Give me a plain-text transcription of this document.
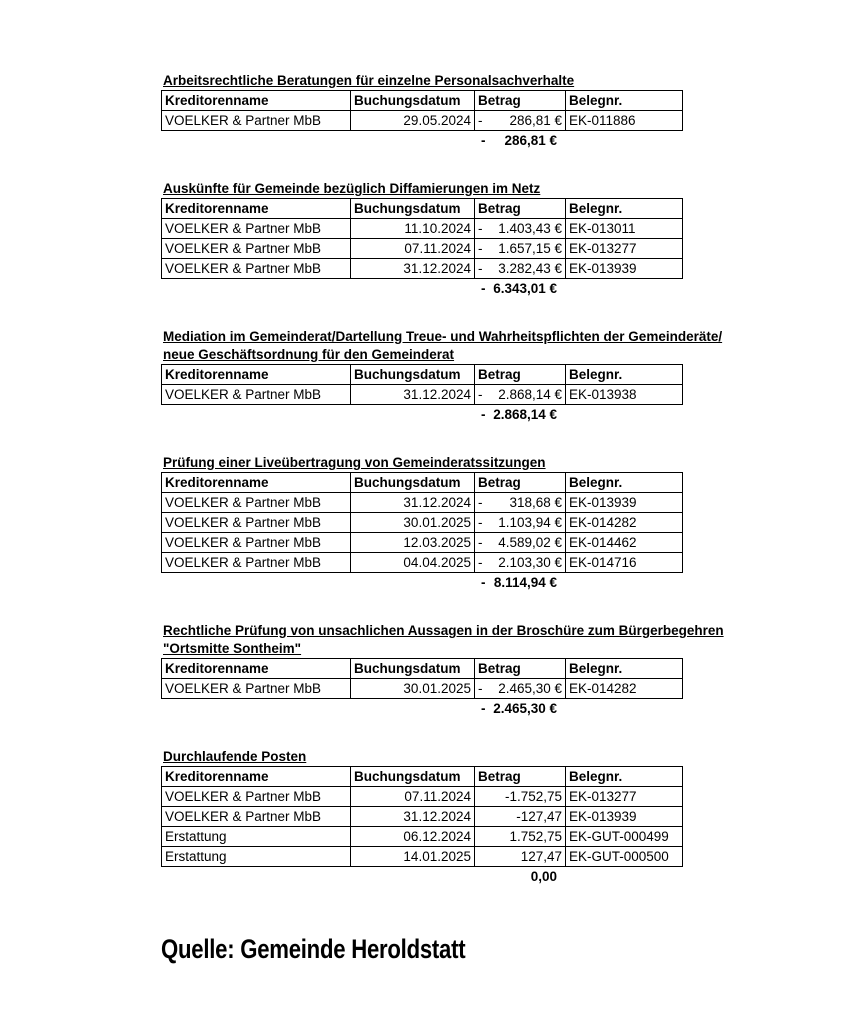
Arbeitsrechtliche Beratungen für einzelne Personalsachverhalte
Kreditorenname	Buchungsdatum	Betrag	Belegnr.
VOELKER & Partner MbB	29.05.2024	- 286,81 €	EK-011886
- 286,81 €
Auskünfte für Gemeinde bezüglich Diffamierungen im Netz
Kreditorenname	Buchungsdatum	Betrag	Belegnr.
VOELKER & Partner MbB	11.10.2024	- 1.403,43 €	EK-013011
VOELKER & Partner MbB	07.11.2024	- 1.657,15 €	EK-013277
VOELKER & Partner MbB	31.12.2024	- 3.282,43 €	EK-013939
- 6.343,01 €
Mediation im Gemeinderat/Dartellung Treue- und Wahrheitspflichten der Gemeinderäte/
neue Geschäftsordnung für den Gemeinderat
Kreditorenname	Buchungsdatum	Betrag	Belegnr.
VOELKER & Partner MbB	31.12.2024	- 2.868,14 €	EK-013938
- 2.868,14 €
Prüfung einer Liveübertragung von Gemeinderatssitzungen
Kreditorenname	Buchungsdatum	Betrag	Belegnr.
VOELKER & Partner MbB	31.12.2024	- 318,68 €	EK-013939
VOELKER & Partner MbB	30.01.2025	- 1.103,94 €	EK-014282
VOELKER & Partner MbB	12.03.2025	- 4.589,02 €	EK-014462
VOELKER & Partner MbB	04.04.2025	- 2.103,30 €	EK-014716
- 8.114,94 €
Rechtliche Prüfung von unsachlichen Aussagen in der Broschüre zum Bürgerbegehren
"Ortsmitte Sontheim"
Kreditorenname	Buchungsdatum	Betrag	Belegnr.
VOELKER & Partner MbB	30.01.2025	- 2.465,30 €	EK-014282
- 2.465,30 €
Durchlaufende Posten
Kreditorenname	Buchungsdatum	Betrag	Belegnr.
VOELKER & Partner MbB	07.11.2024	-1.752,75	EK-013277
VOELKER & Partner MbB	31.12.2024	-127,47	EK-013939
Erstattung	06.12.2024	1.752,75	EK-GUT-000499
Erstattung	14.01.2025	127,47	EK-GUT-000500
0,00
Quelle: Gemeinde Heroldstatt
